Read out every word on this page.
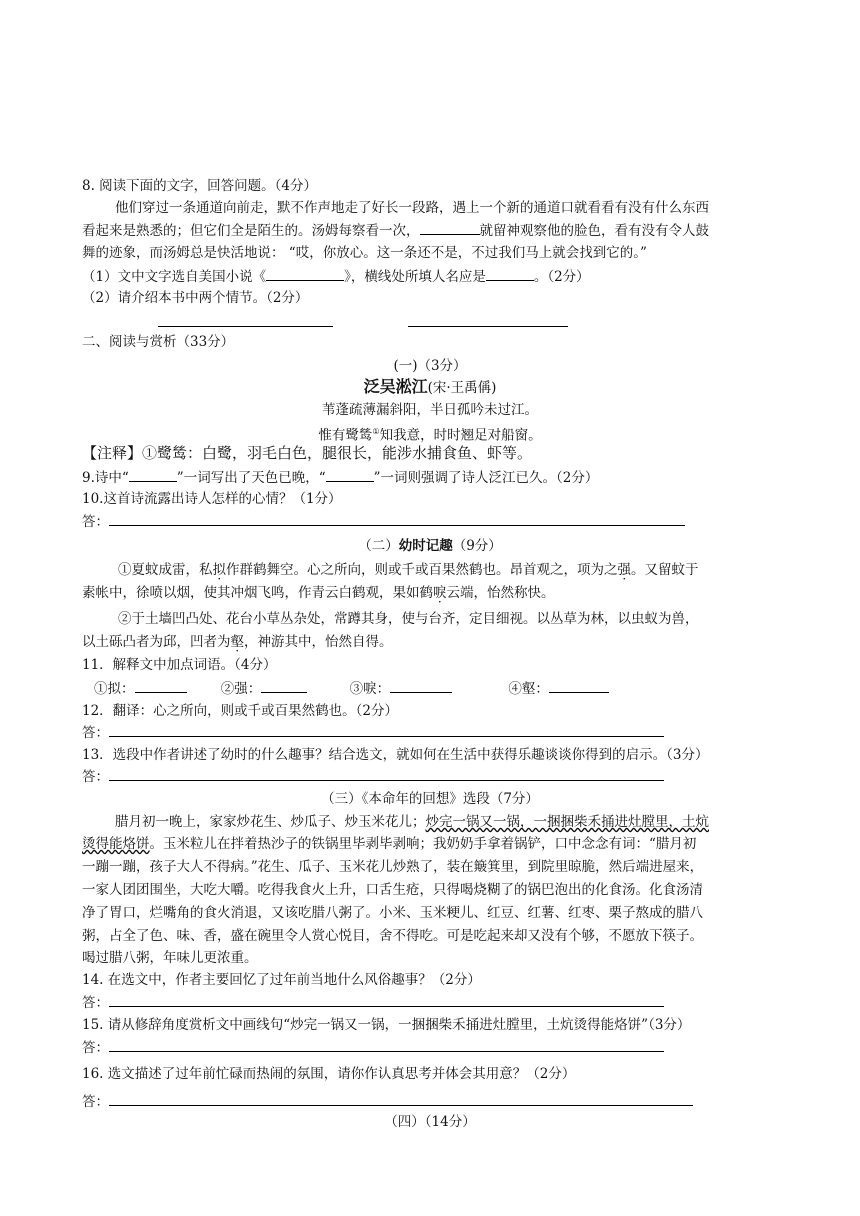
8. 阅读下面的文字，回答问题。（4分）
他们穿过一条通道向前走，默不作声地走了好长一段路，遇上一个新的通道口就看看有没有什么东西
看起来是熟悉的；但它们全是陌生的。汤姆每察看一次，	就留神观察他的脸色，看有没有令人鼓
舞的迹象，而汤姆总是快活地说： “哎，你放心。这一条还不是，不过我们马上就会找到它的。”
（1）文中文字选自美国小说《	》，横线处所填人名应是	。（2分）
（2）请介绍本书中两个情节。（2分）
二、阅读与赏析（33分）
(一)（3分）
泛吴淞江(宋·王禹偁)
苇蓬疏薄漏斜阳，半日孤吟未过江。
惟有鹭鸶①知我意，时时翘足对船窗。
【注释】①鹭鸶：白鹭，羽毛白色，腿很长，能涉水捕食鱼、虾等。
9.诗中“	”一词写出了天色已晚，“	”一词则强调了诗人泛江已久。（2分）
10.这首诗流露出诗人怎样的心情？（1分）
答：
（二）幼时记趣（9分）
①夏蚊成雷，私拟作群鹤舞空。心之所向，则或千或百果然鹤也。昂首观之，项为之强。又留蚊于
素帐中，徐喷以烟，使其冲烟飞鸣，作青云白鹤观，果如鹤唳云端，怡然称快。
②于土墙凹凸处、花台小草丛杂处，常蹲其身，使与台齐，定目细视。以丛草为林，以虫蚁为兽，
以土砾凸者为邱，凹者为壑，神游其中，怡然自得。
11．解释文中加点词语。（4分）
①拟：	②强：	③唳：	④壑：
12．翻译：心之所向，则或千或百果然鹤也。（2分）
答：
13．选段中作者讲述了幼时的什么趣事？结合选文，就如何在生活中获得乐趣谈谈你得到的启示。（3分）
答：
（三）《本命年的回想》选段（7分）
腊月初一晚上，家家炒花生、炒瓜子、炒玉米花儿；炒完一锅又一锅，一捆捆柴禾捅进灶膛里，土炕
烫得能烙饼。玉米粒儿在拌着热沙子的铁锅里毕剥毕剥响；我奶奶手拿着锅铲，口中念念有词：“腊月初
一蹦一蹦，孩子大人不得病。”花生、瓜子、玉米花儿炒熟了，装在簸箕里，到院里晾脆，然后端进屋来，
一家人团团围坐，大吃大嚼。吃得我食火上升，口舌生疮，只得喝烧糊了的锅巴泡出的化食汤。化食汤清
净了胃口，烂嘴角的食火消退，又该吃腊八粥了。小米、玉米粳儿、红豆、红薯、红枣、栗子熬成的腊八
粥，占全了色、味、香，盛在碗里令人赏心悦目，舍不得吃。可是吃起来却又没有个够，不愿放下筷子。
喝过腊八粥，年味儿更浓重。
14. 在选文中，作者主要回忆了过年前当地什么风俗趣事？（2分）
答：
15. 请从修辞角度赏析文中画线句“炒完一锅又一锅，一捆捆柴禾捅进灶膛里，土炕烫得能烙饼”（3分）
答：
16. 选文描述了过年前忙碌而热闹的氛围，请你作认真思考并体会其用意？（2分）
答：
（四）（14分）
